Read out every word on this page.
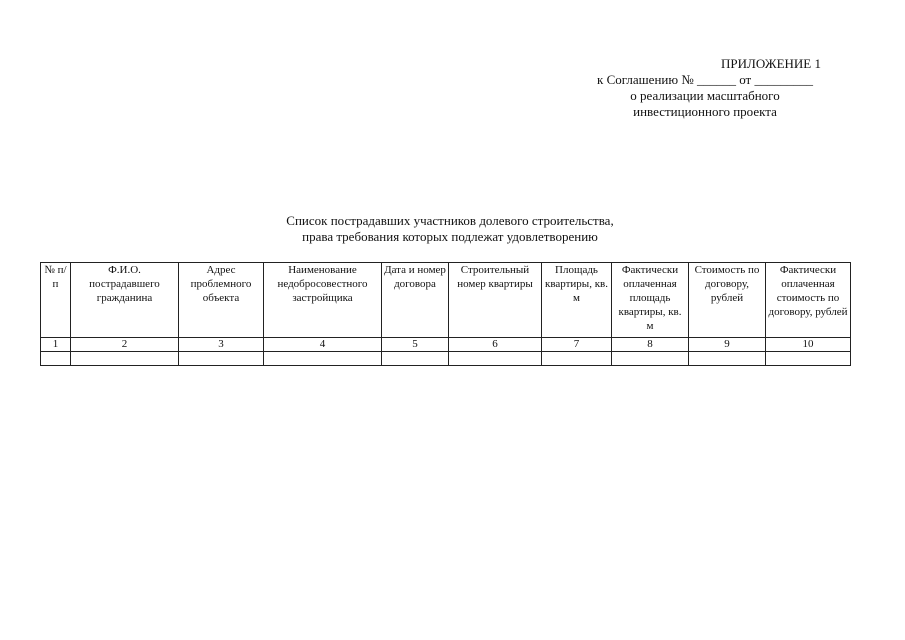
ПРИЛОЖЕНИЕ 1
к Соглашению № ______ от _________
о реализации масштабного
инвестиционного проекта
Список пострадавших участников долевого строительства,
права требования которых подлежат удовлетворению
№ п/п	Ф.И.О. пострадавшего гражданина	Адрес проблемного объекта	Наименование недобросовестного застройщика	Дата и номер договора	Строительный номер квартиры	Площадь квартиры, кв. м	Фактически оплаченная площадь квартиры, кв. м	Стоимость по договору, рублей	Фактически оплаченная стоимость по договору, рублей
1	2	3	4	5	6	7	8	9	10
